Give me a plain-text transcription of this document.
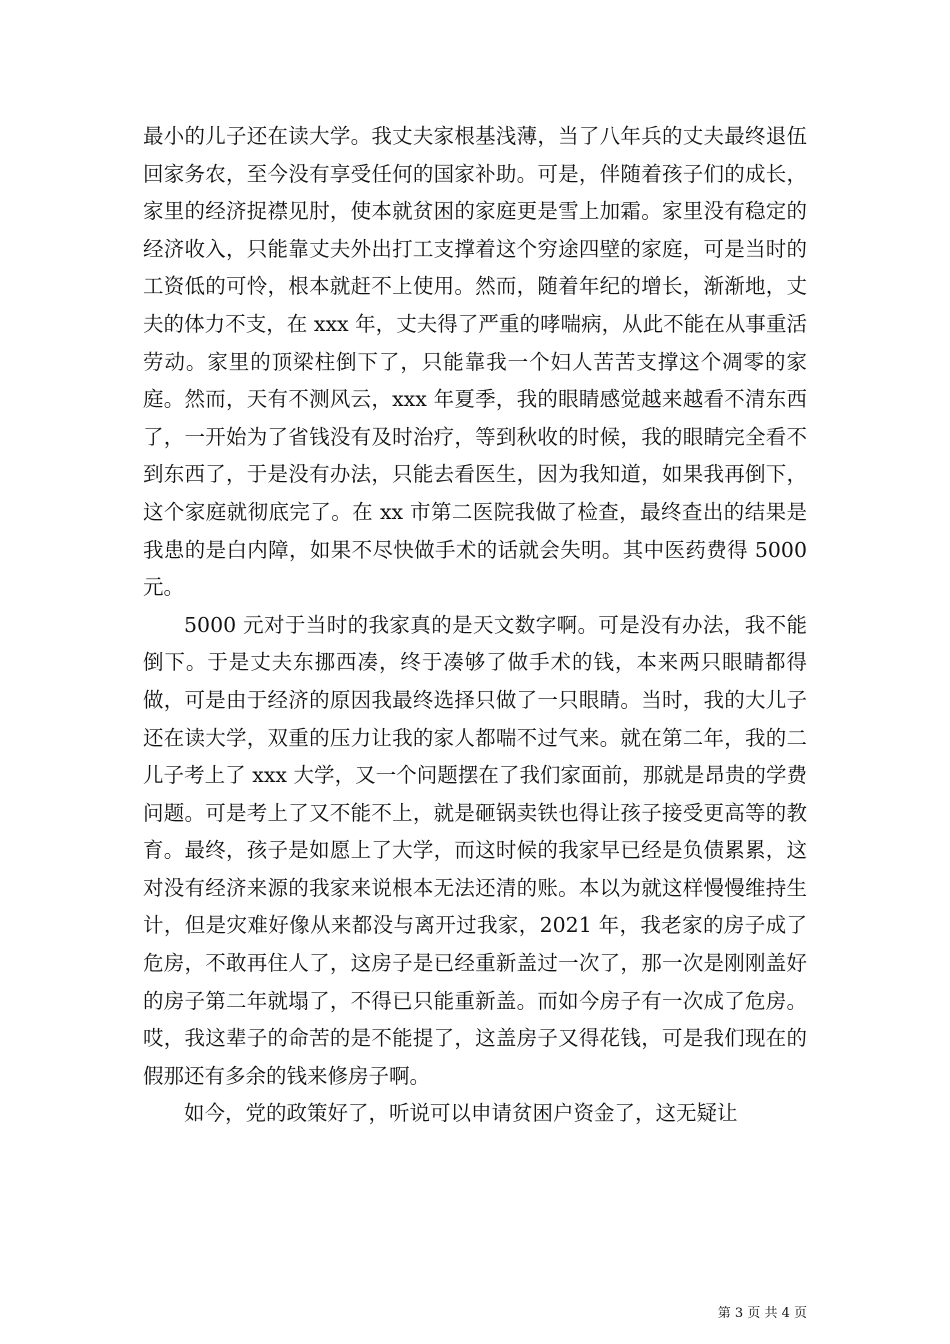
最小的儿子还在读大学。我丈夫家根基浅薄，当了八年兵的丈夫最终退伍回家务农，至今没有享受任何的国家补助。可是，伴随着孩子们的成长，家里的经济捉襟见肘，使本就贫困的家庭更是雪上加霜。家里没有稳定的经济收入，只能靠丈夫外出打工支撑着这个穷途四壁的家庭，可是当时的工资低的可怜，根本就赶不上使用。然而，随着年纪的增长，渐渐地，丈夫的体力不支，在 xxx 年，丈夫得了严重的哮喘病，从此不能在从事重活劳动。家里的顶梁柱倒下了，只能靠我一个妇人苦苦支撑这个凋零的家庭。然而，天有不测风云，xxx 年夏季，我的眼睛感觉越来越看不清东西了，一开始为了省钱没有及时治疗，等到秋收的时候，我的眼睛完全看不到东西了，于是没有办法，只能去看医生，因为我知道，如果我再倒下，这个家庭就彻底完了。在 xx 市第二医院我做了检查，最终查出的结果是我患的是白内障，如果不尽快做手术的话就会失明。其中医药费得 5000 元。

5000 元对于当时的我家真的是天文数字啊。可是没有办法，我不能倒下。于是丈夫东挪西凑，终于凑够了做手术的钱，本来两只眼睛都得做，可是由于经济的原因我最终选择只做了一只眼睛。当时，我的大儿子还在读大学，双重的压力让我的家人都喘不过气来。就在第二年，我的二儿子考上了 xxx 大学，又一个问题摆在了我们家面前，那就是昂贵的学费问题。可是考上了又不能不上，就是砸锅卖铁也得让孩子接受更高等的教育。最终，孩子是如愿上了大学，而这时候的我家早已经是负债累累，这对没有经济来源的我家来说根本无法还清的账。本以为就这样慢慢维持生计，但是灾难好像从来都没与离开过我家，2021 年，我老家的房子成了危房，不敢再住人了，这房子是已经重新盖过一次了，那一次是刚刚盖好的房子第二年就塌了，不得已只能重新盖。而如今房子有一次成了危房。哎，我这辈子的命苦的是不能提了，这盖房子又得花钱，可是我们现在的假那还有多余的钱来修房子啊。

如今，党的政策好了，听说可以申请贫困户资金了，这无疑让

第 3 页 共 4 页
